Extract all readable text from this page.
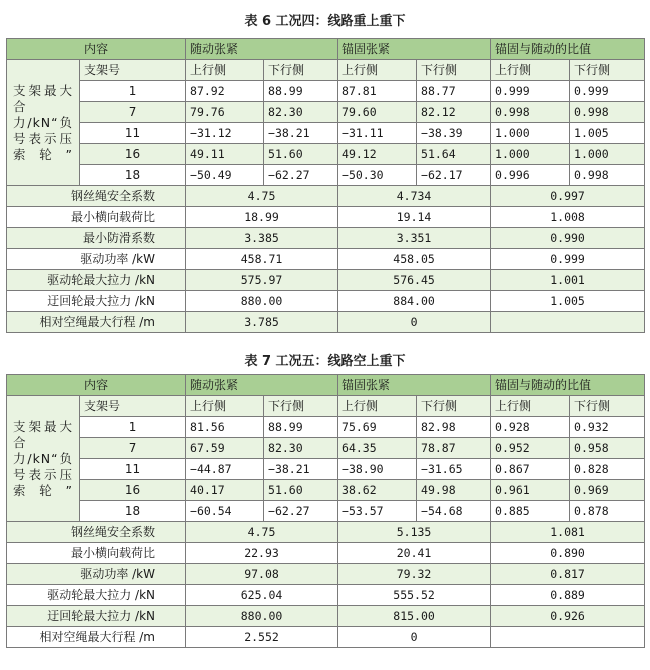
表 6 工况四：线路重上重下
内容		随动张紧		锚固张紧		锚固与随动的比值	
支架最大合力/kN“负号表示压索轮”	支架号	上行侧	下行侧	上行侧	下行侧	上行侧	下行侧
	1	87.92	88.99	87.81	88.77	0.999	0.999
	7	79.76	82.30	79.60	82.12	0.998	0.998
	11	−31.12	−38.21	−31.11	−38.39	1.000	1.005
	16	49.11	51.60	49.12	51.64	1.000	1.000
	18	−50.49	−62.27	−50.30	−62.17	0.996	0.998
钢丝绳安全系数		4.75		4.734		0.997	
最小横向载荷比		18.99		19.14		1.008	
最小防滑系数		3.385		3.351		0.990	
驱动功率 /kW		458.71		458.05		0.999	
驱动轮最大拉力 /kN		575.97		576.45		1.001	
迂回轮最大拉力 /kN		880.00		884.00		1.005	
相对空绳最大行程 /m		3.785		0			
表 7 工况五：线路空上重下
内容		随动张紧		锚固张紧		锚固与随动的比值	
支架最大合力/kN“负号表示压索轮”	支架号	上行侧	下行侧	上行侧	下行侧	上行侧	下行侧
	1	81.56	88.99	75.69	82.98	0.928	0.932
	7	67.59	82.30	64.35	78.87	0.952	0.958
	11	−44.87	−38.21	−38.90	−31.65	0.867	0.828
	16	40.17	51.60	38.62	49.98	0.961	0.969
	18	−60.54	−62.27	−53.57	−54.68	0.885	0.878
钢丝绳安全系数		4.75		5.135		1.081	
最小横向载荷比		22.93		20.41		0.890	
驱动功率 /kW		97.08		79.32		0.817	
驱动轮最大拉力 /kN		625.04		555.52		0.889	
迂回轮最大拉力 /kN		880.00		815.00		0.926	
相对空绳最大行程 /m		2.552		0			
